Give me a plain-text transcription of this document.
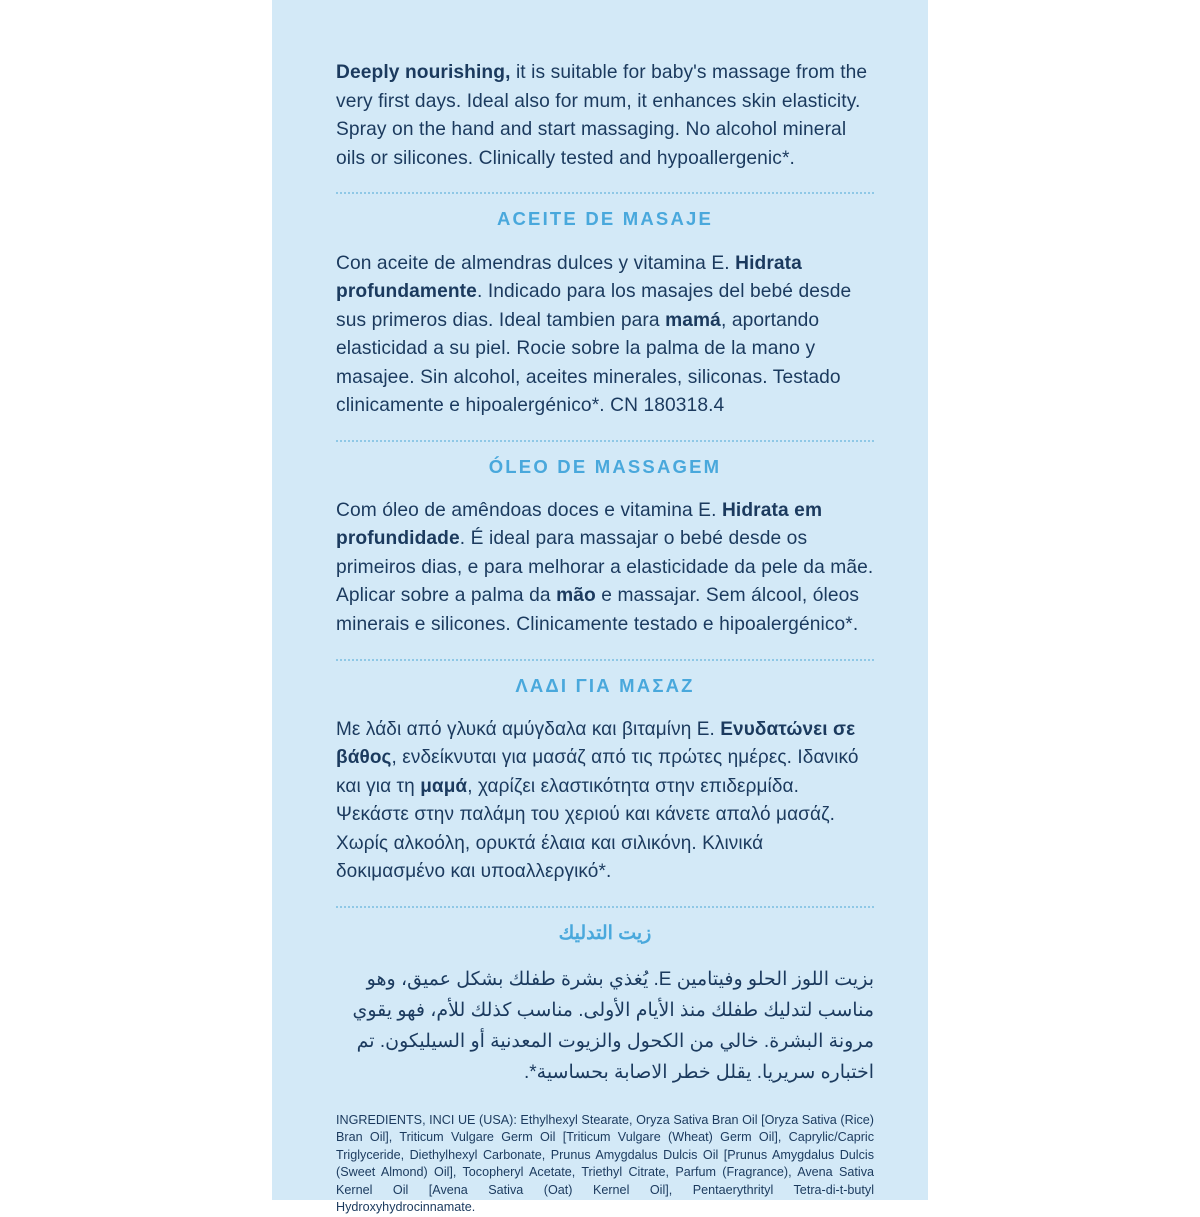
Deeply nourishing, it is suitable for baby's massage from the very first days. Ideal also for mum, it enhances skin elasticity. Spray on the hand and start massaging. No alcohol mineral oils or silicones. Clinically tested and hypoallergenic*.

ACEITE DE MASAJE

Con aceite de almendras dulces y vitamina E. Hidrata profundamente. Indicado para los masajes del bebé desde sus primeros dias. Ideal tambien para mamá, aportando elasticidad a su piel. Rocie sobre la palma de la mano y masajee. Sin alcohol, aceites minerales, siliconas. Testado clinicamente e hipoalergénico*. CN 180318.4

ÓLEO DE MASSAGEM

Com óleo de amêndoas doces e vitamina E. Hidrata em profundidade. É ideal para massajar o bebé desde os primeiros dias, e para melhorar a elasticidade da pele da mãe. Aplicar sobre a palma da mão e massajar. Sem álcool, óleos minerais e silicones. Clinicamente testado e hipoalergénico*.

ΛΑΔΙ ΓΙΑ ΜΑΣΑΖ

Με λάδι από γλυκά αμύγδαλα και βιταμίνη Ε. Ενυδατώνει σε βάθος, ενδείκνυται για μασάζ από τις πρώτες ημέρες. Ιδανικό και για τη μαμά, χαρίζει ελαστικότητα στην επιδερμίδα. Ψεκάστε στην παλάμη του χεριού και κάνετε απαλό μασάζ. Χωρίς αλκοόλη, ορυκτά έλαια και σιλικόνη. Κλινικά δοκιμασμένο και υποαλλεργικό*.

زيت التدليك

بزيت اللوز الحلو وفيتامين E. يُغذي بشرة طفلك بشكل عميق، وهو مناسب لتدليك طفلك منذ الأيام الأولى. مناسب كذلك للأم، فهو يقوي مرونة البشرة. خالي من الكحول والزيوت المعدنية أو السيليكون. تم اختباره سريريا. يقلل خطر الاصابة بحساسية*.

INGREDIENTS, INCI UE (USA): Ethylhexyl Stearate, Oryza Sativa Bran Oil [Oryza Sativa (Rice) Bran Oil], Triticum Vulgare Germ Oil [Triticum Vulgare (Wheat) Germ Oil], Caprylic/Capric Triglyceride, Diethylhexyl Carbonate, Prunus Amygdalus Dulcis Oil [Prunus Amygdalus Dulcis (Sweet Almond) Oil], Tocopheryl Acetate, Triethyl Citrate, Parfum (Fragrance), Avena Sativa Kernel Oil [Avena Sativa (Oat) Kernel Oil], Pentaerythrityl Tetra-di-t-butyl Hydroxyhydrocinnamate.
